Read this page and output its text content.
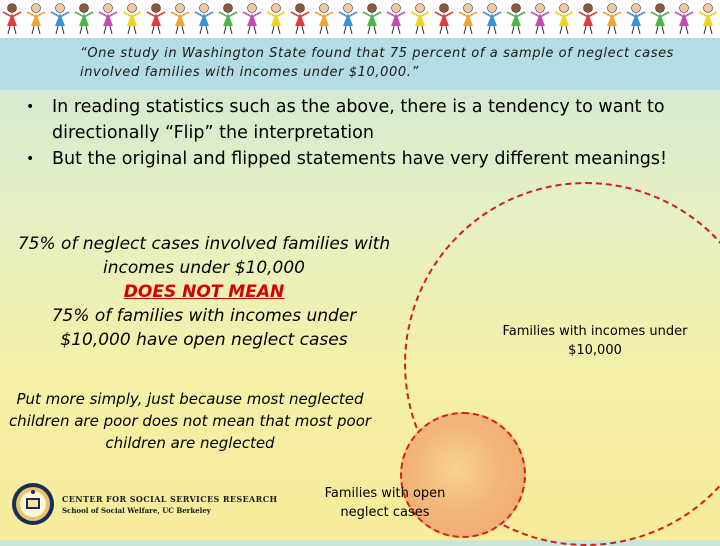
“One study in Washington State found that 75 percent of a sample of neglect cases involved families with incomes under $10,000.”

• In reading statistics such as the above, there is a tendency to want to directionally “Flip” the interpretation
• But the original and flipped statements have very different meanings!

75% of neglect cases involved families with incomes under $10,000
DOES NOT MEAN
75% of families with incomes under $10,000 have open neglect cases

Put more simply, just because most neglected children are poor does not mean that most poor children are neglected

Families with incomes under $10,000
Families with open neglect cases
CENTER FOR SOCIAL SERVICES RESEARCH
School of Social Welfare, UC Berkeley
